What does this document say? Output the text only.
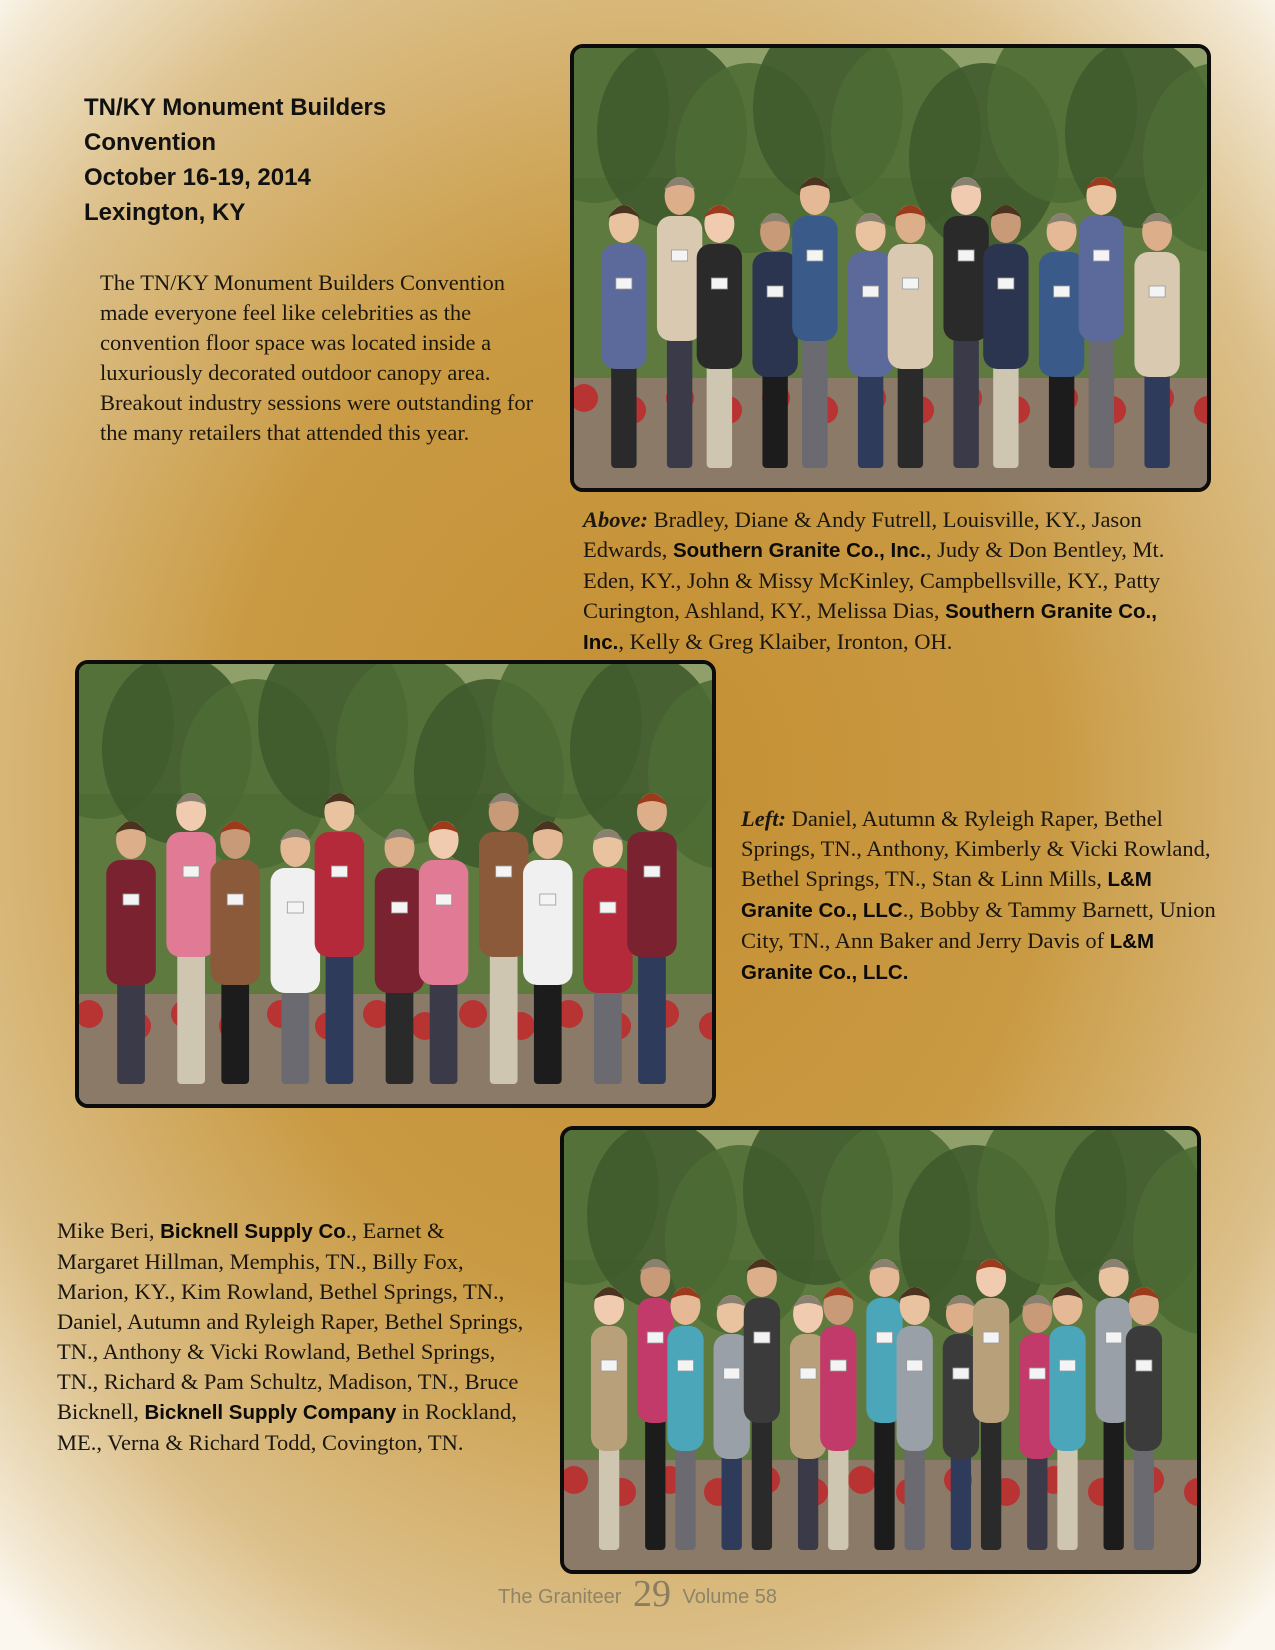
TN/KY Monument Builders
Convention
October 16-19, 2014
Lexington, KY
The TN/KY Monument Builders Convention made everyone feel like celebrities as the convention floor space was located inside a luxuriously decorated outdoor canopy area. Breakout industry sessions were outstanding for the many retailers that attended this year.
Above: Bradley, Diane & Andy Futrell, Louisville, KY., Jason Edwards, Southern Granite Co., Inc., Judy & Don Bentley, Mt. Eden, KY., John & Missy McKinley, Campbellsville, KY., Patty Curington, Ashland, KY., Melissa Dias, Southern Granite Co., Inc., Kelly & Greg Klaiber, Ironton, OH.
Left: Daniel, Autumn & Ryleigh Raper, Bethel Springs, TN., Anthony, Kimberly & Vicki Rowland, Bethel Springs, TN., Stan & Linn Mills, L&M Granite Co., LLC., Bobby & Tammy Barnett, Union City, TN., Ann Baker and Jerry Davis of L&M Granite Co., LLC.
Mike Beri, Bicknell Supply Co., Earnet & Margaret Hillman, Memphis, TN., Billy Fox, Marion, KY., Kim Rowland, Bethel Springs, TN., Daniel, Autumn and Ryleigh Raper, Bethel Springs, TN., Anthony & Vicki Rowland, Bethel Springs, TN., Richard & Pam Schultz, Madison, TN., Bruce Bicknell, Bicknell Supply Company in Rockland, ME., Verna & Richard Todd, Covington, TN.
The Graniteer 29 Volume 58
